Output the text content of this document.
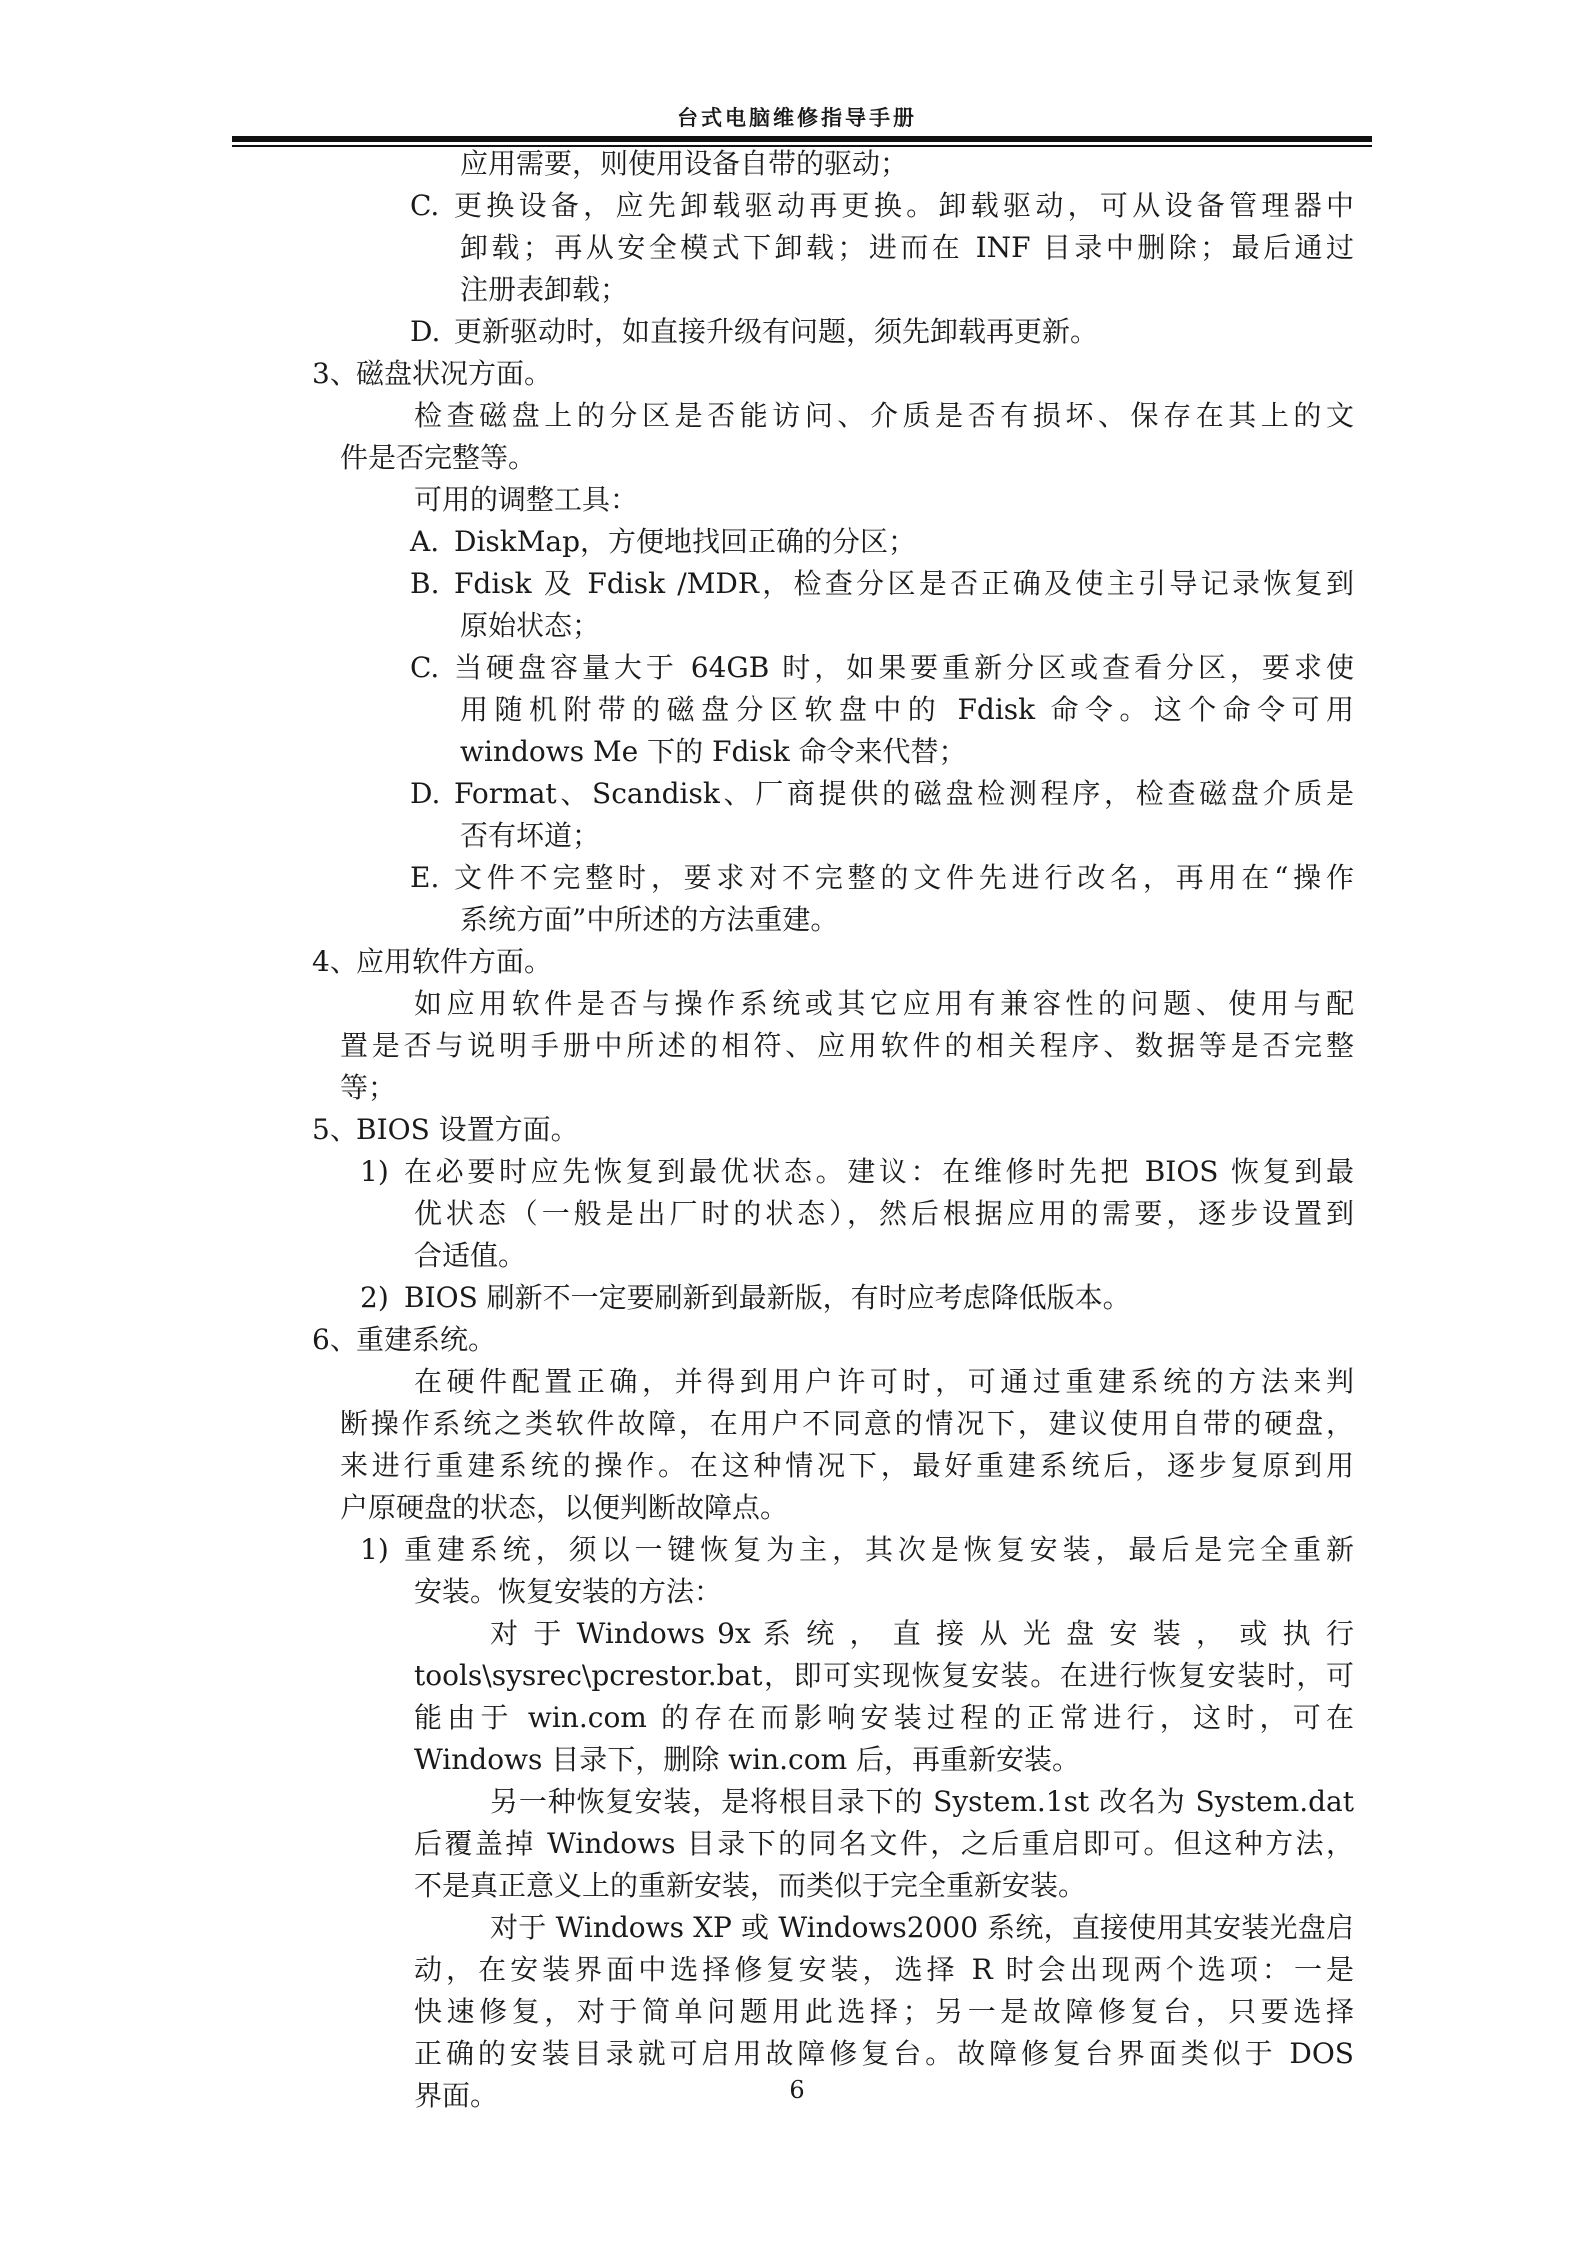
台式电脑维修指导手册
应用需要，则使用设备自带的驱动；
C. 更换设备，应先卸载驱动再更换。卸载驱动，可从设备管理器中
卸载；再从安全模式下卸载；进而在 INF 目录中删除；最后通过
注册表卸载；
D. 更新驱动时，如直接升级有问题，须先卸载再更新。
3、磁盘状况方面。
检查磁盘上的分区是否能访问、介质是否有损坏、保存在其上的文
件是否完整等。
可用的调整工具：
A. DiskMap，方便地找回正确的分区；
B. Fdisk 及 Fdisk /MDR，检查分区是否正确及使主引导记录恢复到
原始状态；
C. 当硬盘容量大于 64GB 时，如果要重新分区或查看分区，要求使
用随机附带的磁盘分区软盘中的 Fdisk 命令。这个命令可用
windows Me 下的 Fdisk 命令来代替；
D. Format、Scandisk、厂商提供的磁盘检测程序，检查磁盘介质是
否有坏道；
E. 文件不完整时，要求对不完整的文件先进行改名，再用在“操作
系统方面”中所述的方法重建。
4、应用软件方面。
如应用软件是否与操作系统或其它应用有兼容性的问题、使用与配
置是否与说明手册中所述的相符、应用软件的相关程序、数据等是否完整
等；
5、BIOS 设置方面。
1) 在必要时应先恢复到最优状态。建议：在维修时先把 BIOS 恢复到最
优状态（一般是出厂时的状态），然后根据应用的需要，逐步设置到
合适值。
2) BIOS 刷新不一定要刷新到最新版，有时应考虑降低版本。
6、重建系统。
在硬件配置正确，并得到用户许可时，可通过重建系统的方法来判
断操作系统之类软件故障，在用户不同意的情况下，建议使用自带的硬盘，
来进行重建系统的操作。在这种情况下，最好重建系统后，逐步复原到用
户原硬盘的状态，以便判断故障点。
1) 重建系统，须以一键恢复为主，其次是恢复安装，最后是完全重新
安装。恢复安装的方法：
对 于 Windows 9x 系 统 ， 直 接 从 光 盘 安 装 ， 或 执 行
tools\sysrec\pcrestor.bat，即可实现恢复安装。在进行恢复安装时，可
能由于 win.com 的存在而影响安装过程的正常进行，这时，可在
Windows 目录下，删除 win.com 后，再重新安装。
另一种恢复安装，是将根目录下的 System.1st 改名为 System.dat
后覆盖掉 Windows 目录下的同名文件，之后重启即可。但这种方法，
不是真正意义上的重新安装，而类似于完全重新安装。
对于 Windows XP 或 Windows2000 系统，直接使用其安装光盘启
动，在安装界面中选择修复安装，选择 R 时会出现两个选项：一是
快速修复，对于简单问题用此选择；另一是故障修复台，只要选择
正确的安装目录就可启用故障修复台。故障修复台界面类似于 DOS
界面。	6
